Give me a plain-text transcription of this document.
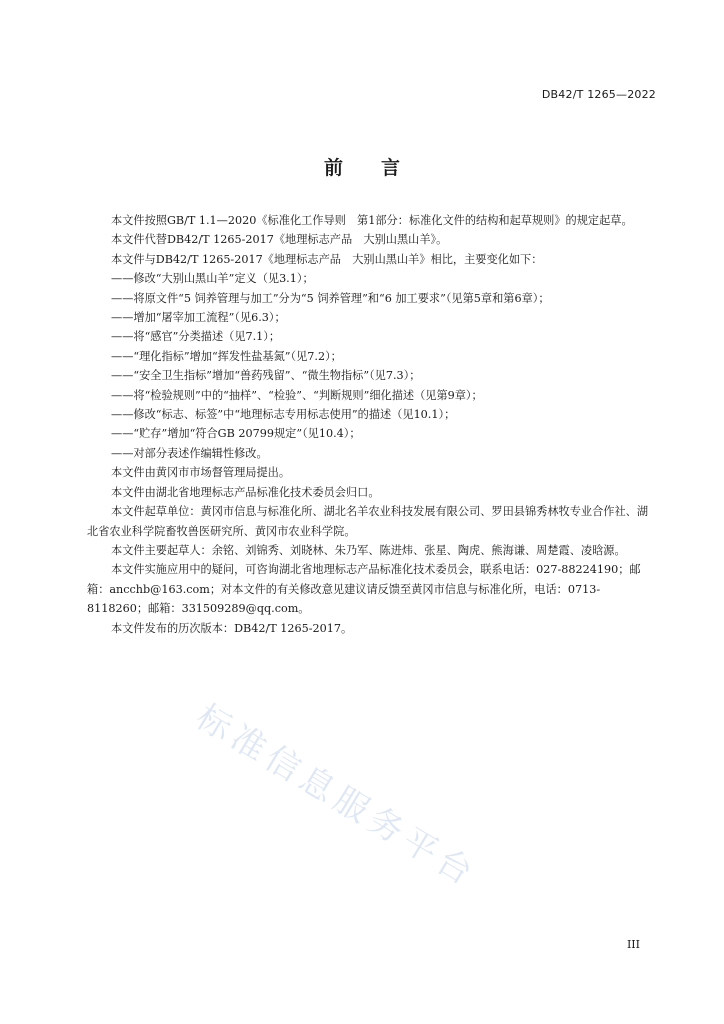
DB42/T 1265—2022
前言

本文件按照GB/T 1.1—2020《标准化工作导则　第1部分：标准化文件的结构和起草规则》的规定起草。

本文件代替DB42/T 1265-2017《地理标志产品　大别山黑山羊》。

本文件与DB42/T 1265-2017《地理标志产品　大别山黑山羊》相比，主要变化如下：

——修改“大别山黑山羊”定义（见3.1）；

——将原文件“5 饲养管理与加工”分为“5 饲养管理”和“6 加工要求”（见第5章和第6章）；

——增加“屠宰加工流程”（见6.3）；

——将“感官”分类描述（见7.1）；

——“理化指标”增加“挥发性盐基氮”（见7.2）；

——“安全卫生指标”增加“兽药残留”、“微生物指标”（见7.3）；

——将“检验规则”中的“抽样”、“检验”、“判断规则”细化描述（见第9章）；

——修改“标志、标签”中“地理标志专用标志使用”的描述（见10.1）；

——“贮存”增加“符合GB 20799规定”（见10.4）；

——对部分表述作编辑性修改。

本文件由黄冈市市场督管理局提出。

本文件由湖北省地理标志产品标准化技术委员会归口。

本文件起草单位：黄冈市信息与标准化所、湖北名羊农业科技发展有限公司、罗田县锦秀林牧专业合作社、湖北省农业科学院畜牧兽医研究所、黄冈市农业科学院。

本文件主要起草人：余铭、刘锦秀、刘晓林、朱乃军、陈进炜、张星、陶虎、熊海谦、周楚霞、凌晗源。

本文件实施应用中的疑问，可咨询湖北省地理标志产品标准化技术委员会，联系电话：027-88224190；邮箱：ancchb@163.com；对本文件的有关修改意见建议请反馈至黄冈市信息与标准化所，电话：0713-8118260；邮箱：331509289@qq.com。

本文件发布的历次版本：DB42/T 1265-2017。

标准信息服务平台
III
